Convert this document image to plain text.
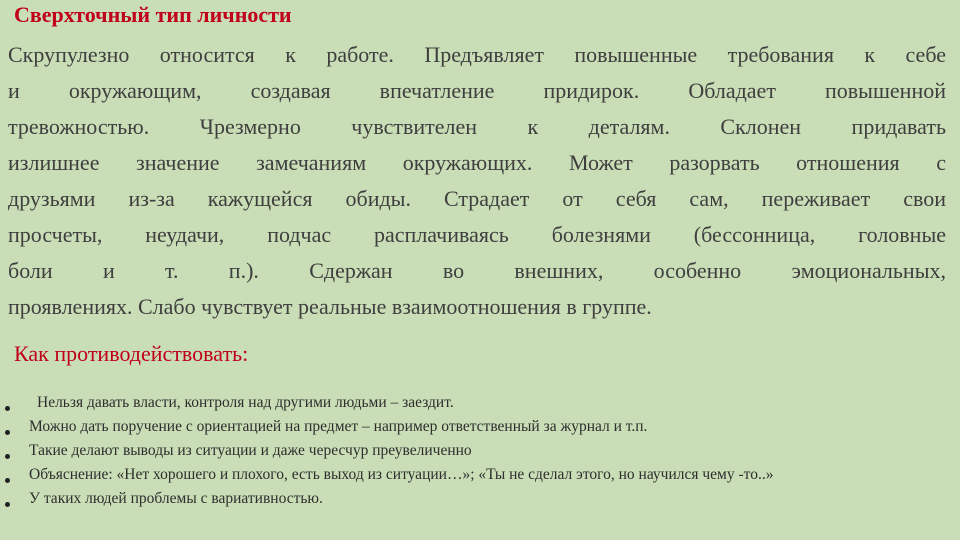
Сверхточный тип личности
Скрупулезно относится к работе. Предъявляет повышенные требования к себе
и окружающим, создавая впечатление придирок. Обладает повышенной
тревожностью. Чрезмерно чувствителен к деталям. Склонен придавать
излишнее значение замечаниям окружающих. Может разорвать отношения с
друзьями из-за кажущейся обиды. Страдает от себя сам, переживает свои
просчеты, неудачи, подчас расплачиваясь болезнями (бессонница, головные
боли и т. п.). Сдержан во внешних, особенно эмоциональных,
проявлениях. Слабо чувствует реальные взаимоотношения в группе.
Как противодействовать:
Нельзя давать власти, контроля над другими людьми – заездит.
Можно дать поручение с ориентацией на предмет – например ответственный за журнал и т.п.
Такие делают выводы из ситуации и даже чересчур преувеличенно
Объяснение: «Нет хорошего и плохого, есть выход из ситуации…»; «Ты не сделал этого, но научился чему -то..»
У таких людей проблемы с вариативностью.
